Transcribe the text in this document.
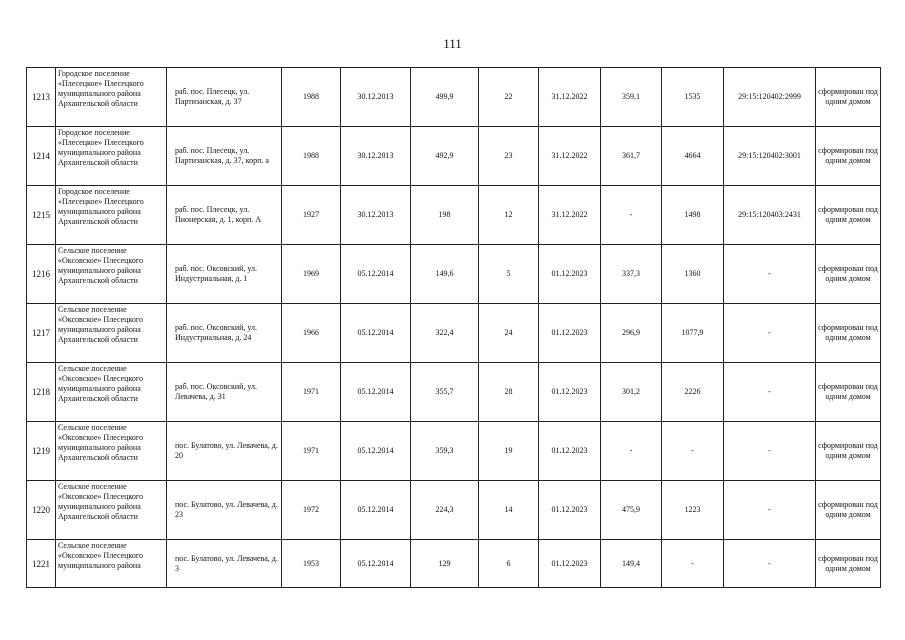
111
1213	Городское поселение «Плесецкое» Плесецкого муниципального района Архангельской области	раб. пос. Плесецк, ул. Партизанская, д. 37	1988	30.12.2013	499,9	22	31.12.2022	359,1	1535	29:15:120402:2999	сформирован под одним домом
1214	Городское поселение «Плесецкое» Плесецкого муниципального района Архангельской области	раб. пос. Плесецк, ул. Партизанская, д. 37, корп. а	1988	30.12.2013	492,9	23	31.12.2022	361,7	4664	29:15:120402:3001	сформирован под одним домом
1215	Городское поселение «Плесецкое» Плесецкого муниципального района Архангельской области	раб. пос. Плесецк, ул. Пионерская, д. 1, корп. А	1927	30.12.2013	198	12	31.12.2022	-	1498	29:15:120403:2431	сформирован под одним домом
1216	Сельское поселение «Оксовское» Плесецкого муниципального района Архангельской области	раб. пос. Оксовский, ул. Индустриальная, д. 1	1969	05.12.2014	149,6	5	01.12.2023	337,3	1360	-	сформирован под одним домом
1217	Сельское поселение «Оксовское» Плесецкого муниципального района Архангельской области	раб. пос. Оксовский, ул. Индустриальная, д. 24	1966	05.12.2014	322,4	24	01.12.2023	296,9	1077,9	-	сформирован под одним домом
1218	Сельское поселение «Оксовское» Плесецкого муниципального района Архангельской области	раб. пос. Оксовский, ул. Левачева, д. 31	1971	05.12.2014	355,7	28	01.12.2023	301,2	2226	-	сформирован под одним домом
1219	Сельское поселение «Оксовское» Плесецкого муниципального района Архангельской области	пос. Булатово, ул. Левачева, д. 20	1971	05.12.2014	359,3	19	01.12.2023	-	-	-	сформирован под одним домом
1220	Сельское поселение «Оксовское» Плесецкого муниципального района Архангельской области	пос. Булатово, ул. Левачева, д. 23	1972	05.12.2014	224,3	14	01.12.2023	475,9	1223	-	сформирован под одним домом
1221	Сельское поселение «Оксовское» Плесецкого муниципального района	пос. Булатово, ул. Левачева, д. 3	1953	05.12.2014	129	6	01.12.2023	149,4	-	-	сформирован под одним домом
